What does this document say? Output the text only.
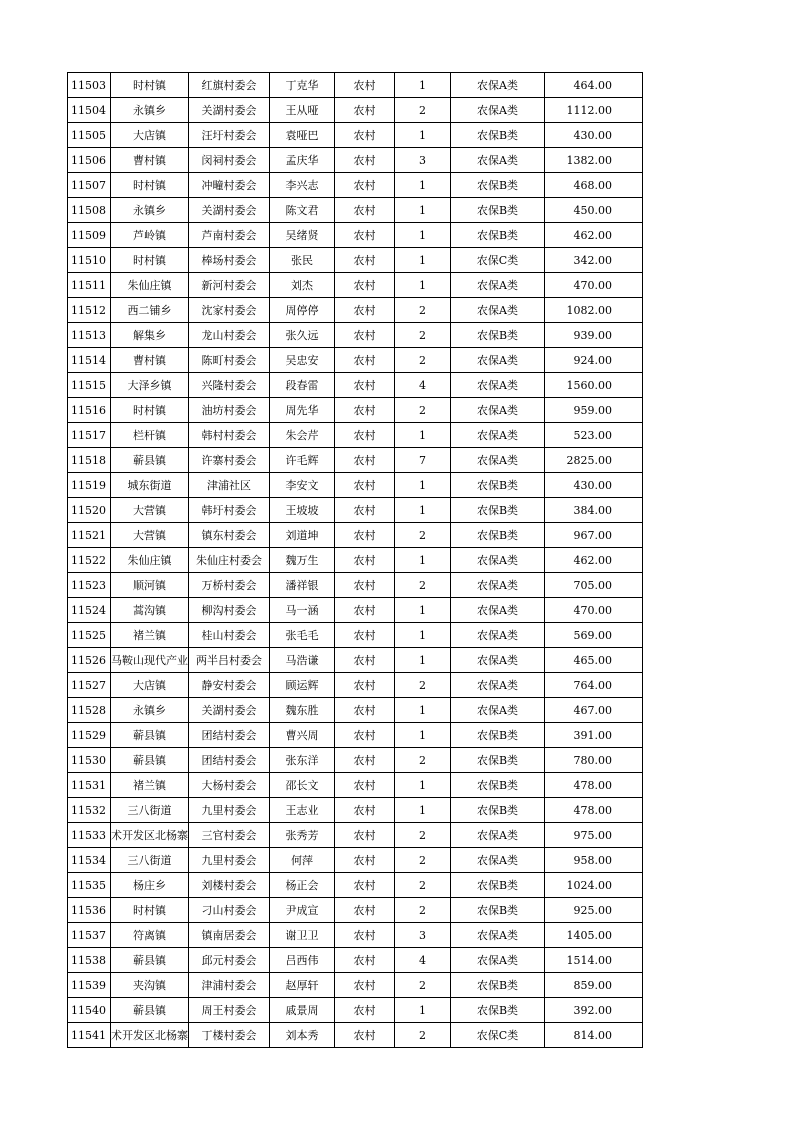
11503	时村镇	红旗村委会	丁克华	农村	1	农保A类	464.00
11504	永镇乡	关湖村委会	王从哑	农村	2	农保A类	1112.00
11505	大店镇	汪圩村委会	袁哑巴	农村	1	农保B类	430.00
11506	曹村镇	闵祠村委会	孟庆华	农村	3	农保A类	1382.00
11507	时村镇	冲疃村委会	李兴志	农村	1	农保B类	468.00
11508	永镇乡	关湖村委会	陈文君	农村	1	农保B类	450.00
11509	芦岭镇	芦南村委会	吴绪贤	农村	1	农保B类	462.00
11510	时村镇	棒场村委会	张民	农村	1	农保C类	342.00
11511	朱仙庄镇	新河村委会	刘杰	农村	1	农保A类	470.00
11512	西二铺乡	沈家村委会	周停停	农村	2	农保A类	1082.00
11513	解集乡	龙山村委会	张久远	农村	2	农保B类	939.00
11514	曹村镇	陈町村委会	吴忠安	农村	2	农保A类	924.00
11515	大泽乡镇	兴隆村委会	段春雷	农村	4	农保A类	1560.00
11516	时村镇	油坊村委会	周先华	农村	2	农保A类	959.00
11517	栏杆镇	韩村村委会	朱会芹	农村	1	农保A类	523.00
11518	蕲县镇	许寨村委会	许毛辉	农村	7	农保A类	2825.00
11519	城东街道	津浦社区	李安文	农村	1	农保B类	430.00
11520	大营镇	韩圩村委会	王坡坡	农村	1	农保B类	384.00
11521	大营镇	镇东村委会	刘道坤	农村	2	农保B类	967.00
11522	朱仙庄镇	朱仙庄村委会	魏万生	农村	1	农保A类	462.00
11523	顺河镇	万桥村委会	潘祥银	农村	2	农保A类	705.00
11524	蒿沟镇	柳沟村委会	马一涵	农村	1	农保A类	470.00
11525	褚兰镇	桂山村委会	张毛毛	农村	1	农保A类	569.00
11526	马鞍山现代产业	两半吕村委会	马浩谦	农村	1	农保A类	465.00
11527	大店镇	静安村委会	顾运辉	农村	2	农保A类	764.00
11528	永镇乡	关湖村委会	魏东胜	农村	1	农保A类	467.00
11529	蕲县镇	团结村委会	曹兴周	农村	1	农保B类	391.00
11530	蕲县镇	团结村委会	张东洋	农村	2	农保B类	780.00
11531	褚兰镇	大杨村委会	邵长文	农村	1	农保B类	478.00
11532	三八街道	九里村委会	王志业	农村	1	农保B类	478.00
11533	术开发区北杨寨	三官村委会	张秀芳	农村	2	农保A类	975.00
11534	三八街道	九里村委会	何萍	农村	2	农保A类	958.00
11535	杨庄乡	刘楼村委会	杨正会	农村	2	农保B类	1024.00
11536	时村镇	刁山村委会	尹成宣	农村	2	农保B类	925.00
11537	符离镇	镇南居委会	谢卫卫	农村	3	农保A类	1405.00
11538	蕲县镇	邱元村委会	吕西伟	农村	4	农保A类	1514.00
11539	夹沟镇	津浦村委会	赵厚轩	农村	2	农保B类	859.00
11540	蕲县镇	周王村委会	戚景周	农村	1	农保B类	392.00
11541	术开发区北杨寨	丁楼村委会	刘本秀	农村	2	农保C类	814.00
